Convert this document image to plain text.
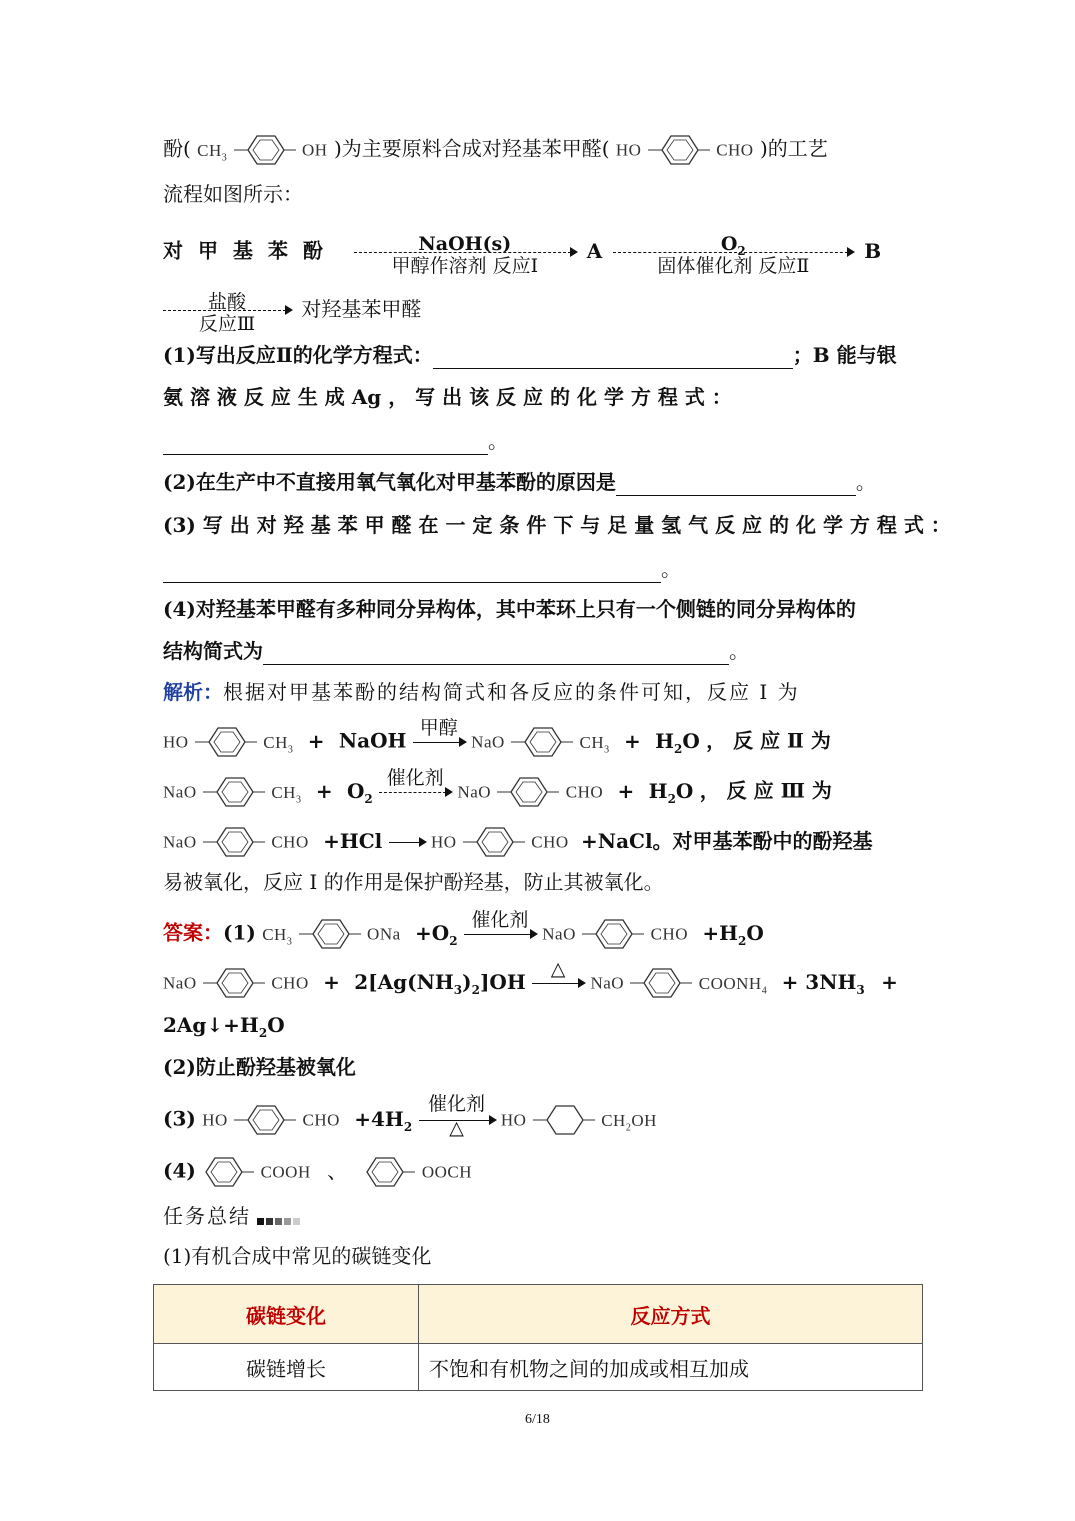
酚( $CH_3$	OH )为主要原料合成对羟基苯甲醛( HO	CHO )的工艺
流程如图所示：
对 甲 基 苯 酚	NaOH(s)
甲醇作溶剂 反应Ⅰ
A	$O_2$
固体催化剂 反应Ⅱ
B
盐酸
反应Ⅲ
对羟基苯甲醛
(1)写出反应Ⅱ的化学方程式：	；B 能与银
氨 溶 液 反 应 生 成 Ag ， 写 出 该 反 应 的 化 学 方 程 式 ：
。
(2)在生产中不直接用氧气氧化对甲基苯酚的原因是	。
(3) 写 出 对 羟 基 苯 甲 醛 在 一 定 条 件 下 与 足 量 氢 气 反 应 的 化 学 方 程 式 ：
。
(4)对羟基苯甲醛有多种同分异构体，其中苯环上只有一个侧链的同分异构体的
结构简式为	。
解析：根据对甲基苯酚的结构简式和各反应的条件可知，反应 Ⅰ 为
HO	$CH_3$ + NaOH
甲醇
NaO	$CH_3 + H_2O$ ， 反 应 Ⅱ 为
NaO	$CH_3 + O_2$
催化剂
NaO	CHO + $H_2O$ ， 反 应 Ⅲ 为
NaO	CHO +HCl	HO	CHO +NaCl。对甲基苯酚中的酚羟基
易被氧化，反应 Ⅰ 的作用是保护酚羟基，防止其被氧化。
答案：(1) $CH_3$	ONa $+O_2$
催化剂
NaO	CHO $+H_2O$
NaO	CHO + $2[Ag(NH_3)_2]OH$
△
NaO	$COONH_4 + 3NH_3$ +
$2Ag↓+H_2O$
(2)防止酚羟基被氧化
(3) HO	CHO $+4H_2$
催化剂
△	HO	$CH_2OH$
(4)	COOH 、	OOCH
任务总结
(1)有机合成中常见的碳链变化
碳链变化	反应方式
碳链增长	不饱和有机物之间的加成或相互加成
6/18
